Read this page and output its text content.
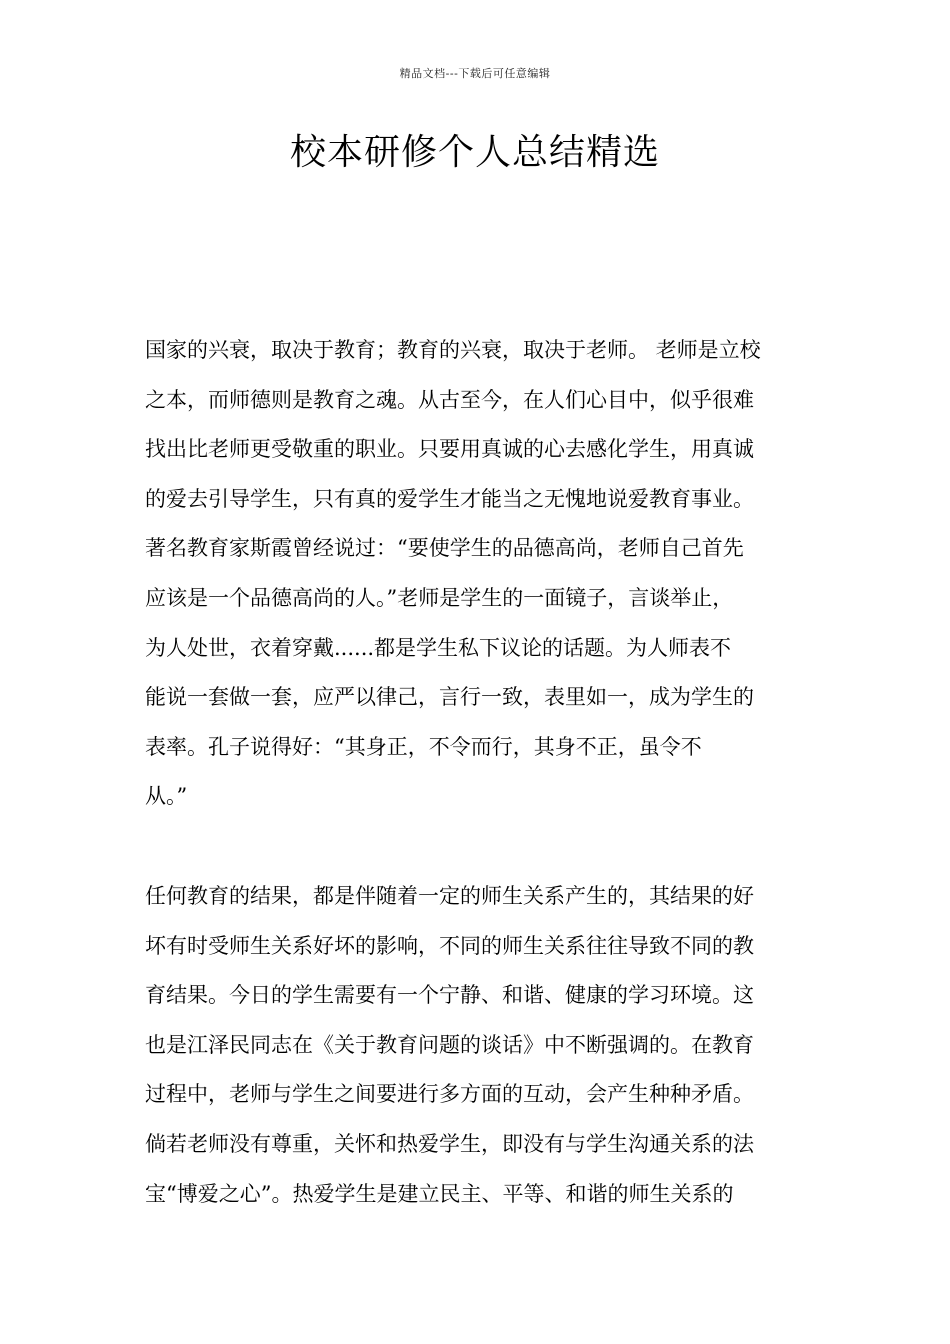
精品文档---下载后可任意编辑
校本研修个人总结精选
国家的兴衰，取决于教育；教育的兴衰，取决于老师。 老师是立校
之本，而师德则是教育之魂。从古至今，在人们心目中，似乎很难
找出比老师更受敬重的职业。只要用真诚的心去感化学生，用真诚
的爱去引导学生，只有真的爱学生才能当之无愧地说爱教育事业。
著名教育家斯霞曾经说过：“要使学生的品德高尚，老师自己首先
应该是一个品德高尚的人。”老师是学生的一面镜子，言谈举止，
为人处世，衣着穿戴......都是学生私下议论的话题。为人师表不
能说一套做一套，应严以律己，言行一致，表里如一，成为学生的
表率。孔子说得好：“其身正，不令而行，其身不正，虽令不
从。”
任何教育的结果，都是伴随着一定的师生关系产生的，其结果的好
坏有时受师生关系好坏的影响，不同的师生关系往往导致不同的教
育结果。今日的学生需要有一个宁静、和谐、健康的学习环境。这
也是江泽民同志在《关于教育问题的谈话》中不断强调的。在教育
过程中，老师与学生之间要进行多方面的互动，会产生种种矛盾。
倘若老师没有尊重，关怀和热爱学生，即没有与学生沟通关系的法
宝“博爱之心”。热爱学生是建立民主、平等、和谐的师生关系的
